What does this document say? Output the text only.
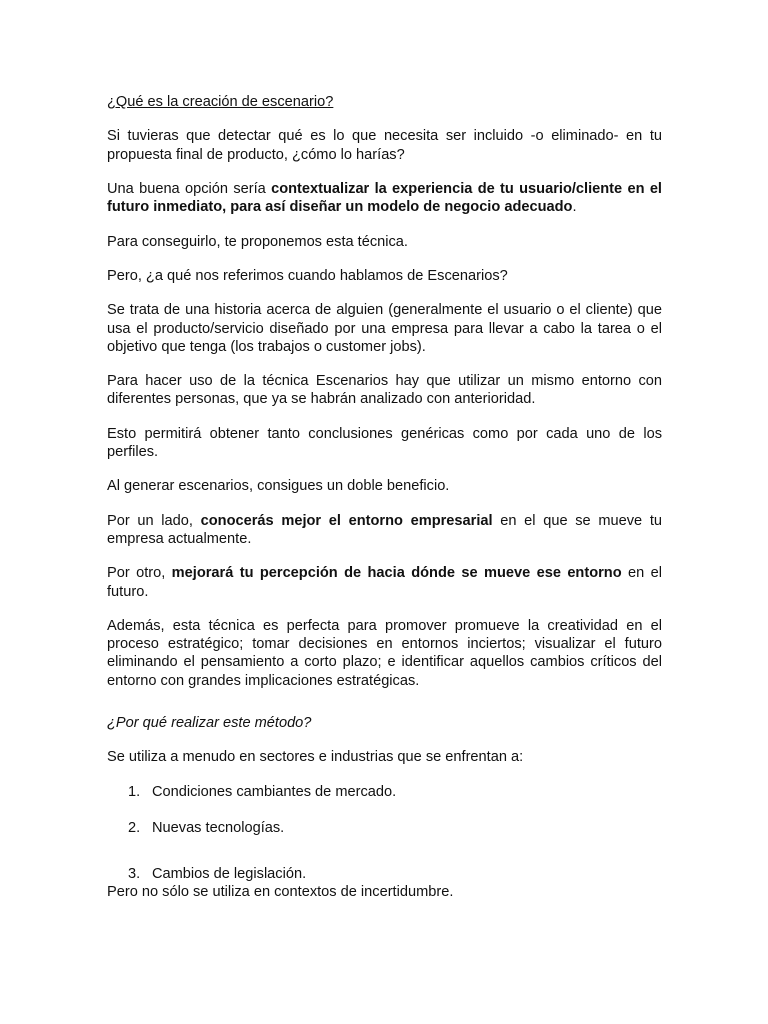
¿Qué es la creación de escenario?

Si tuvieras que detectar qué es lo que necesita ser incluido -o eliminado- en tu propuesta final de producto, ¿cómo lo harías?

Una buena opción sería contextualizar la experiencia de tu usuario/cliente en el futuro inmediato, para así diseñar un modelo de negocio adecuado.

Para conseguirlo, te proponemos esta técnica.

Pero, ¿a qué nos referimos cuando hablamos de Escenarios?

Se trata de una historia acerca de alguien (generalmente el usuario o el cliente) que usa el producto/servicio diseñado por una empresa para llevar a cabo la tarea o el objetivo que tenga (los trabajos o customer jobs).

Para hacer uso de la técnica Escenarios hay que utilizar un mismo entorno con diferentes personas, que ya se habrán analizado con anterioridad.

Esto permitirá obtener tanto conclusiones genéricas como por cada uno de los perfiles.

Al generar escenarios, consigues un doble beneficio.

Por un lado, conocerás mejor el entorno empresarial en el que se mueve tu empresa actualmente.

Por otro, mejorará tu percepción de hacia dónde se mueve ese entorno en el futuro.

Además, esta técnica es perfecta para promover promueve la creatividad en el proceso estratégico; tomar decisiones en entornos inciertos; visualizar el futuro eliminando el pensamiento a corto plazo; e identificar aquellos cambios críticos del entorno con grandes implicaciones estratégicas.

¿Por qué realizar este método?

Se utiliza a menudo en sectores e industrias que se enfrentan a:

1. Condiciones cambiantes de mercado.
2. Nuevas tecnologías.
3. Cambios de legislación.

Pero no sólo se utiliza en contextos de incertidumbre.
